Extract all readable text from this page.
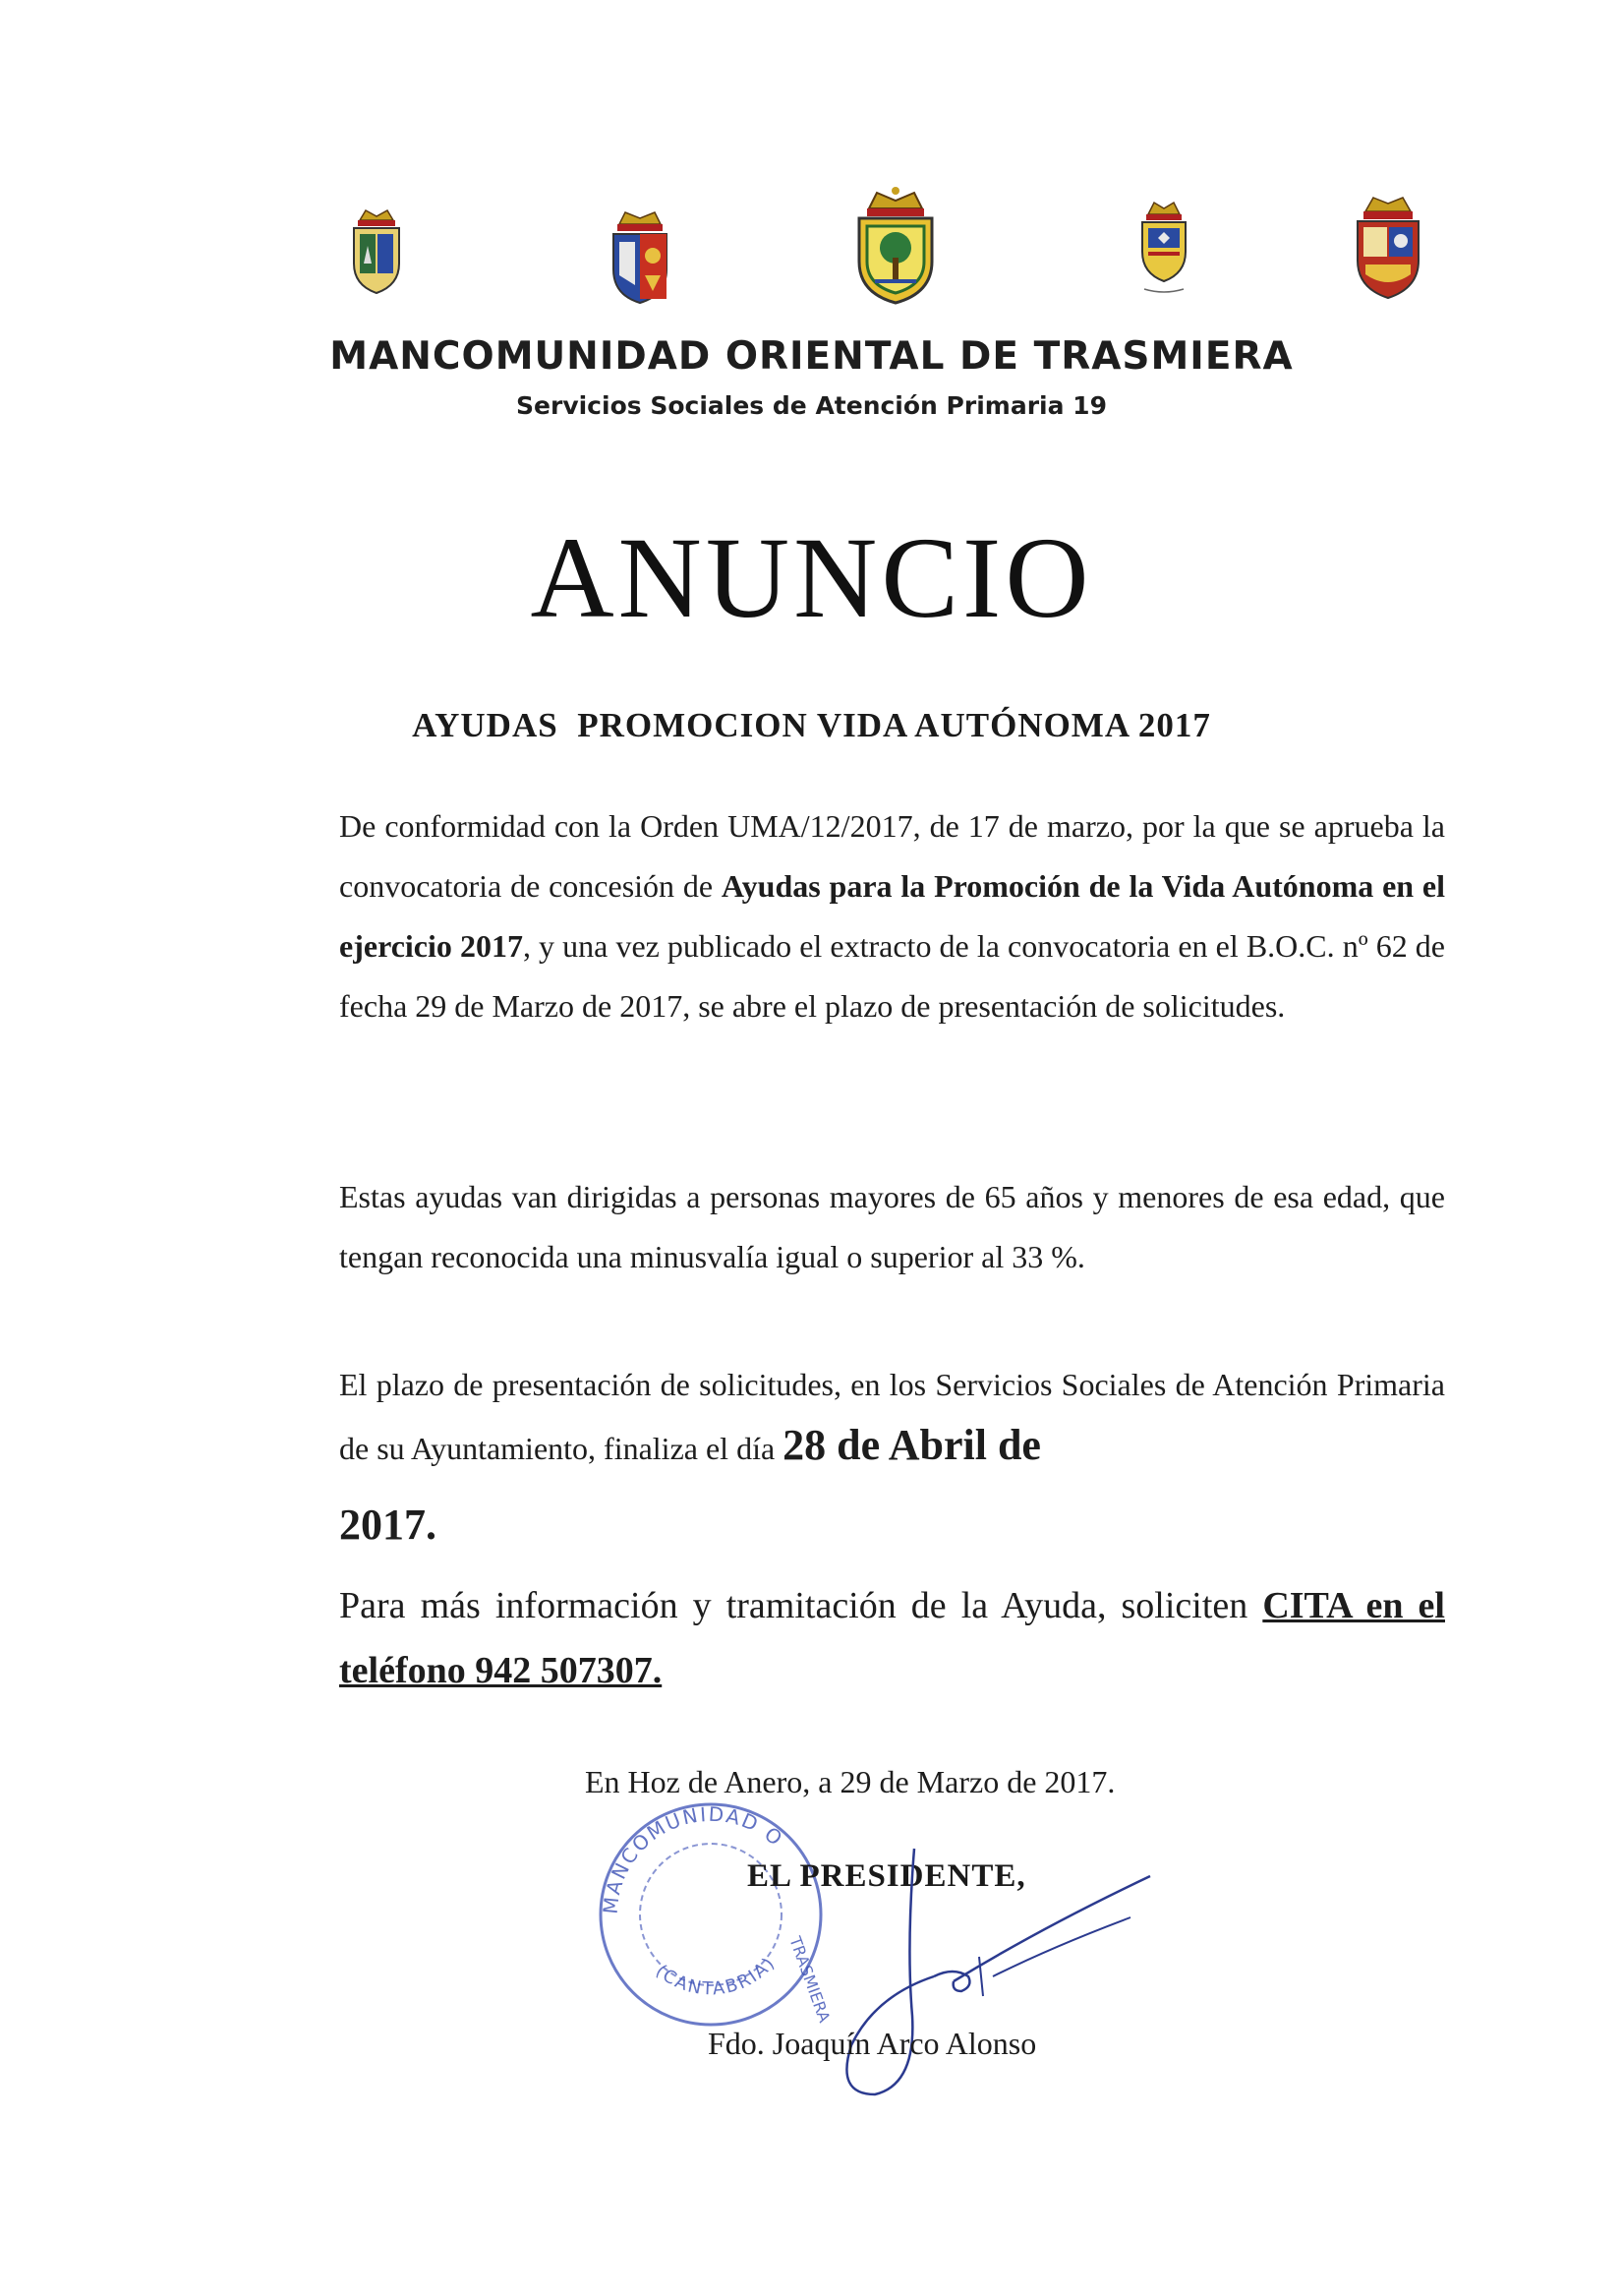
MANCOMUNIDAD ORIENTAL DE TRASMIERA
Servicios Sociales de Atención Primaria 19
ANUNCIO
AYUDAS  PROMOCION VIDA AUTÓNOMA 2017
De conformidad con la Orden UMA/12/2017, de 17 de marzo, por la que se aprueba la convocatoria de concesión de Ayudas para la Promoción de la Vida Autónoma en el ejercicio 2017, y una vez publicado el extracto de la convocatoria en el B.O.C. nº 62 de fecha 29 de Marzo de 2017, se abre el plazo de presentación de solicitudes.
Estas ayudas van dirigidas a personas mayores de 65 años y menores de esa edad, que tengan reconocida una minusvalía igual o superior al 33 %.
El plazo de presentación de solicitudes, en los Servicios Sociales de Atención Primaria de su Ayuntamiento, finaliza el día 28 de Abril de
2017.
Para más información y tramitación de la Ayuda, soliciten CITA en el teléfono 942 507307.
En Hoz de Anero, a 29 de Marzo de 2017.
MANCOMUNIDAD O
(CANTABRIA) TRASMIERA
EL PRESIDENTE,
Fdo. Joaquín Arco Alonso
